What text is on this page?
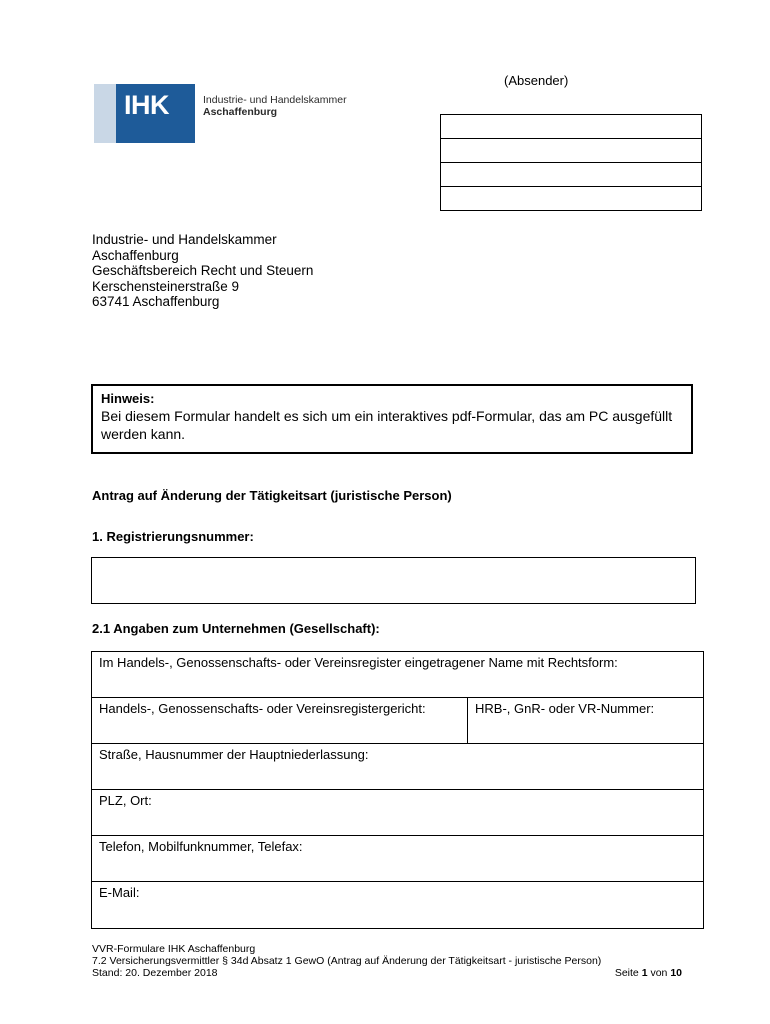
IHK	Industrie- und Handelskammer
Aschaffenburg
(Absender)
Industrie- und Handelskammer
Aschaffenburg
Geschäftsbereich Recht und Steuern
Kerschensteinerstraße 9
63741 Aschaffenburg
Hinweis:
Bei diesem Formular handelt es sich um ein interaktives pdf-Formular, das am PC ausgefüllt werden kann.
Antrag auf Änderung der Tätigkeitsart (juristische Person)
1. Registrierungsnummer:
2.1 Angaben zum Unternehmen (Gesellschaft):
Im Handels-, Genossenschafts- oder Vereinsregister eingetragener Name mit Rechtsform:
Handels-, Genossenschafts- oder Vereinsregistergericht:	HRB-, GnR- oder VR-Nummer:
Straße, Hausnummer der Hauptniederlassung:
PLZ, Ort:
Telefon, Mobilfunknummer, Telefax:
E-Mail:
VVR-Formulare IHK Aschaffenburg
7.2 Versicherungsvermittler § 34d Absatz 1 GewO (Antrag auf Änderung der Tätigkeitsart - juristische Person)
Stand: 20. Dezember 2018	Seite 1 von 10
